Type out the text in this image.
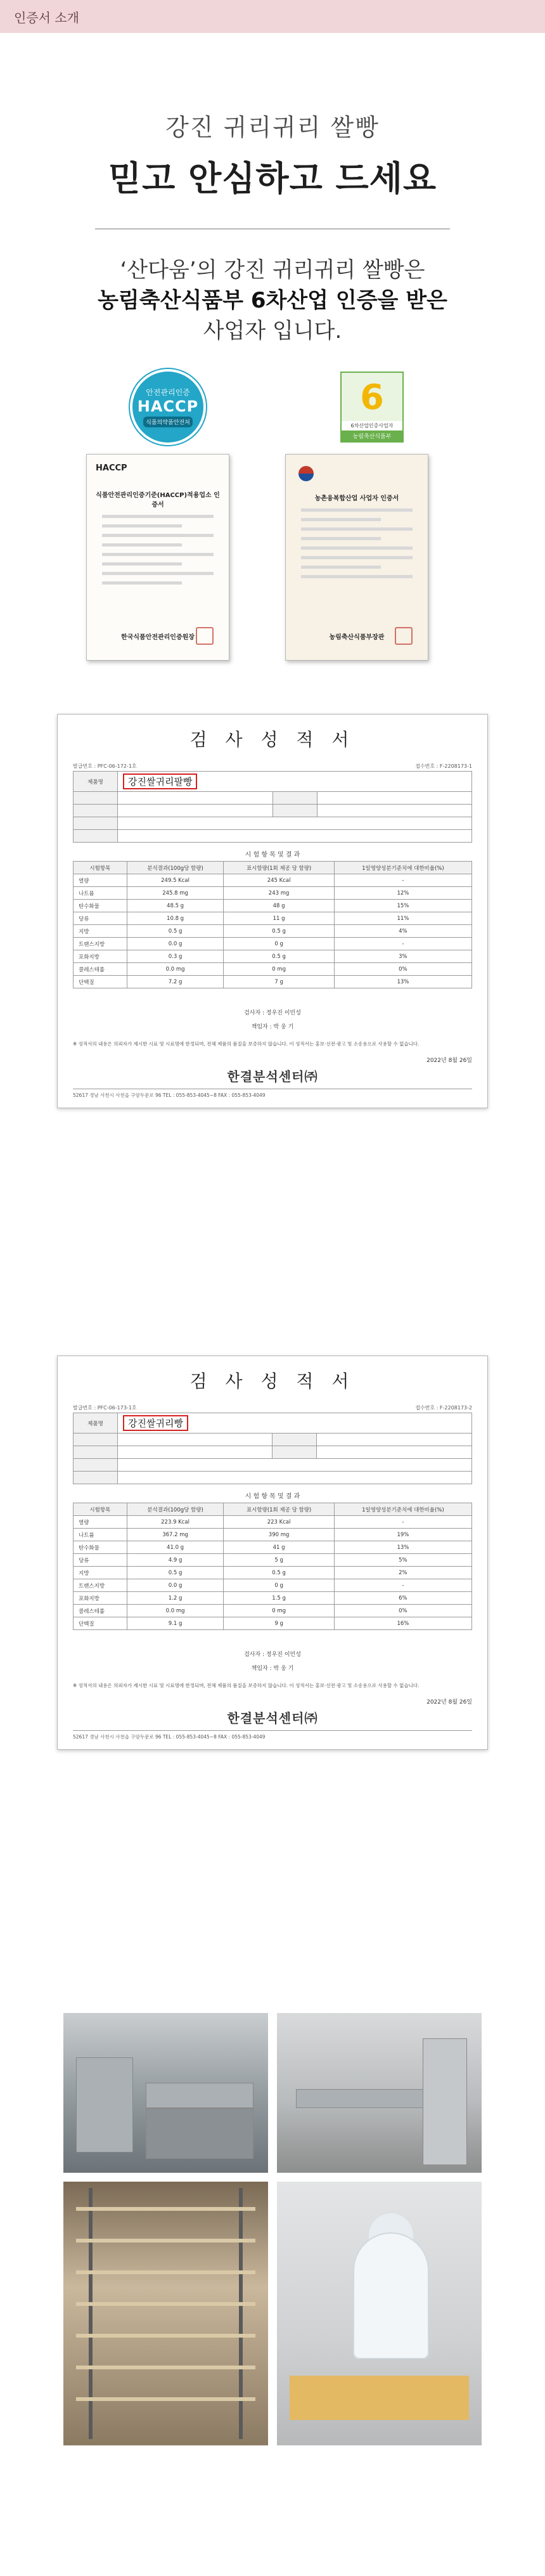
인증서 소개
강진 귀리귀리 쌀빵
믿고 안심하고 드세요
‘산다움’의 강진 귀리귀리 쌀빵은
농림축산식품부 6차산업 인증을 받은
사업자 입니다.
안전관리인증
HACCP
식품의약품안전처
6
6차산업인증사업자
농림축산식품부
HACCP
식품안전관리인증기준(HACCP)적용업소 인증서
한국식품안전관리인증원장
농촌융복합산업 사업자 인증서
농림축산식품부장관
검 사 성 적 서
발급번호 : PFC-06-172-1호	접수번호 : F-2208173-1
제품명	강진쌀귀리팔빵		

시 험 항 목 및 결 과
시험항목	분석결과(100g당 함량)	표시함량(1회 제공 당 함량)	1일영양성분기준치에 대한비율(%)
열량	249.5 Kcal	245 Kcal	-
나트륨	245.8 mg	243 mg	12%
탄수화물	48.5 g	48 g	15%
당류	10.8 g	11 g	11%
지방	0.5 g	0.5 g	4%
트랜스지방	0.0 g	0 g	-
포화지방	0.3 g	0.5 g	3%
콜레스테롤	0.0 mg	0 mg	0%
단백질	7.2 g	7 g	13%
검사자 : 정우진 이민성
책임자 : 박 웅 기
※ 성적서의 내용은 의뢰자가 제시한 시료 및 시료명에 한정되며, 전체 제품의 품질을 보증하지 않습니다. 이 성적서는 홍보·선전·광고 및 소송용으로 사용할 수 없습니다.
2022년 8월 26일
한결분석센터㈜
52617 경남 사천시 사천읍 구암두문로 96 TEL : 055-853-4045~8 FAX : 055-853-4049
검 사 성 적 서
발급번호 : PFC-06-173-1호	접수번호 : F-2208173-2
제품명	강진쌀귀리빵		

시 험 항 목 및 결 과
시험항목	분석결과(100g당 함량)	표시함량(1회 제공 당 함량)	1일영양성분기준치에 대한비율(%)
열량	223.9 Kcal	223 Kcal	-
나트륨	367.2 mg	390 mg	19%
탄수화물	41.0 g	41 g	13%
당류	4.9 g	5 g	5%
지방	0.5 g	0.5 g	2%
트랜스지방	0.0 g	0 g	-
포화지방	1.2 g	1.5 g	6%
콜레스테롤	0.0 mg	0 mg	0%
단백질	9.1 g	9 g	16%
검사자 : 정우진 이민성
책임자 : 박 웅 기
※ 성적서의 내용은 의뢰자가 제시한 시료 및 시료명에 한정되며, 전체 제품의 품질을 보증하지 않습니다. 이 성적서는 홍보·선전·광고 및 소송용으로 사용할 수 없습니다.
2022년 8월 26일
한결분석센터㈜
52617 경남 사천시 사천읍 구암두문로 96 TEL : 055-853-4045~8 FAX : 055-853-4049
